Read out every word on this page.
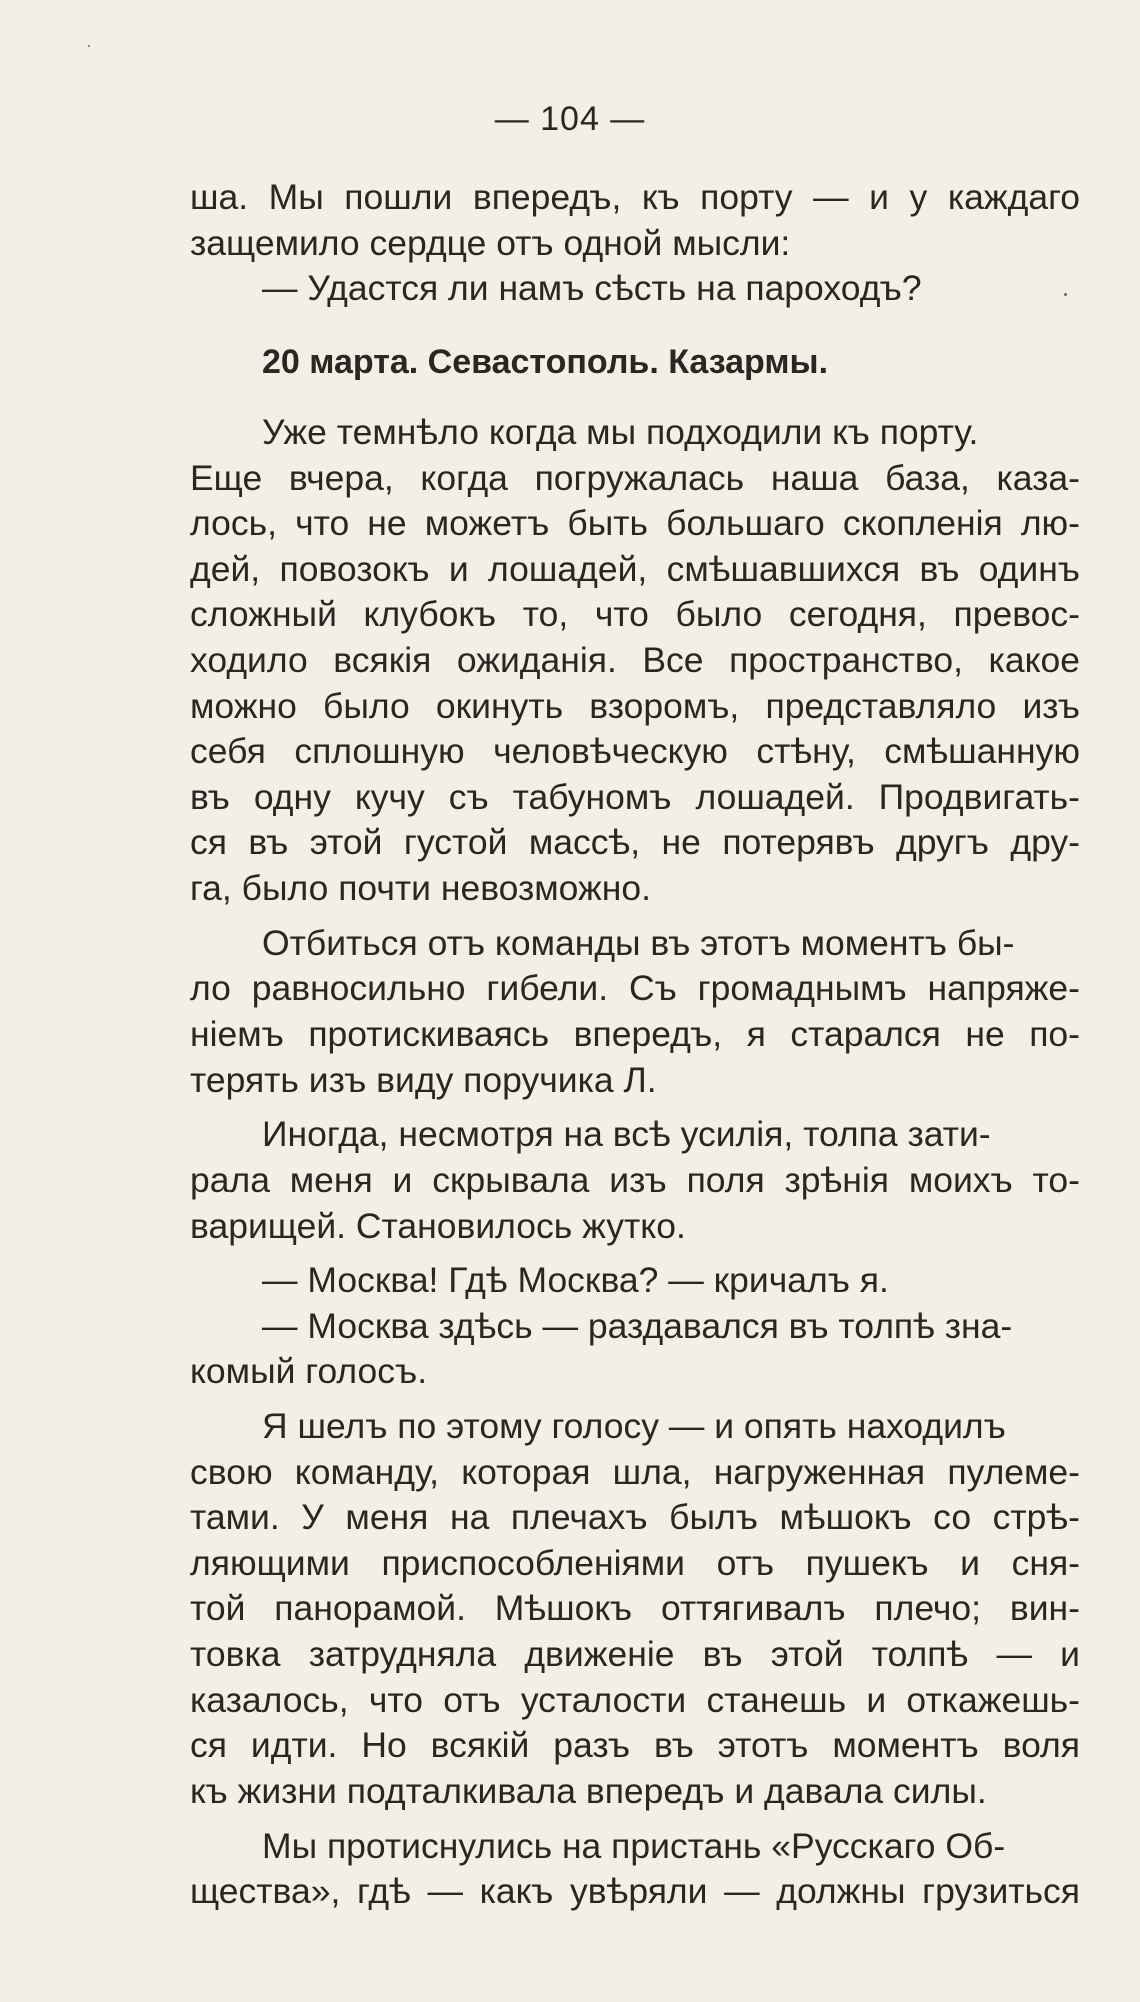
— 104 —
ша. Мы пошли впередъ, къ порту — и у каждаго
защемило сердце отъ одной мысли:
— Удастся ли намъ сѣсть на пароходъ?
Уже темнѣло когда мы подходили къ порту.
Еще вчера, когда погружалась наша база, каза-
лось, что не можетъ быть большаго скопленія лю-
дей, повозокъ и лошадей, смѣшавшихся въ одинъ
сложный клубокъ то, что было сегодня, превос-
ходило всякія ожиданія. Все пространство, какое
можно было окинуть взоромъ, представляло изъ
себя сплошную человѣческую стѣну, смѣшанную
въ одну кучу съ табуномъ лошадей. Продвигать-
ся въ этой густой массѣ, не потерявъ другъ дру-
га, было почти невозможно.
Отбиться отъ команды въ этотъ моментъ бы-
ло равносильно гибели. Съ громаднымъ напряже-
ніемъ протискиваясь впередъ, я старался не по-
терять изъ виду поручика Л.
Иногда, несмотря на всѣ усилія, толпа зати-
рала меня и скрывала изъ поля зрѣнія моихъ то-
варищей. Становилось жутко.
— Москва! Гдѣ Москва? — кричалъ я.
— Москва здѣсь — раздавался въ толпѣ зна-
комый голосъ.
Я шелъ по этому голосу — и опять находилъ
свою команду, которая шла, нагруженная пулеме-
тами. У меня на плечахъ былъ мѣшокъ со стрѣ-
ляющими приспособленіями отъ пушекъ и сня-
той панорамой. Мѣшокъ оттягивалъ плечо; вин-
товка затрудняла движеніе въ этой толпѣ — и
казалось, что отъ усталости станешь и откажешь-
ся идти. Но всякій разъ въ этотъ моментъ воля
къ жизни подталкивала впередъ и давала силы.
Мы протиснулись на пристань «Русскаго Об-
щества», гдѣ — какъ увѣряли — должны грузиться
20 марта. Севастополь. Казармы.
